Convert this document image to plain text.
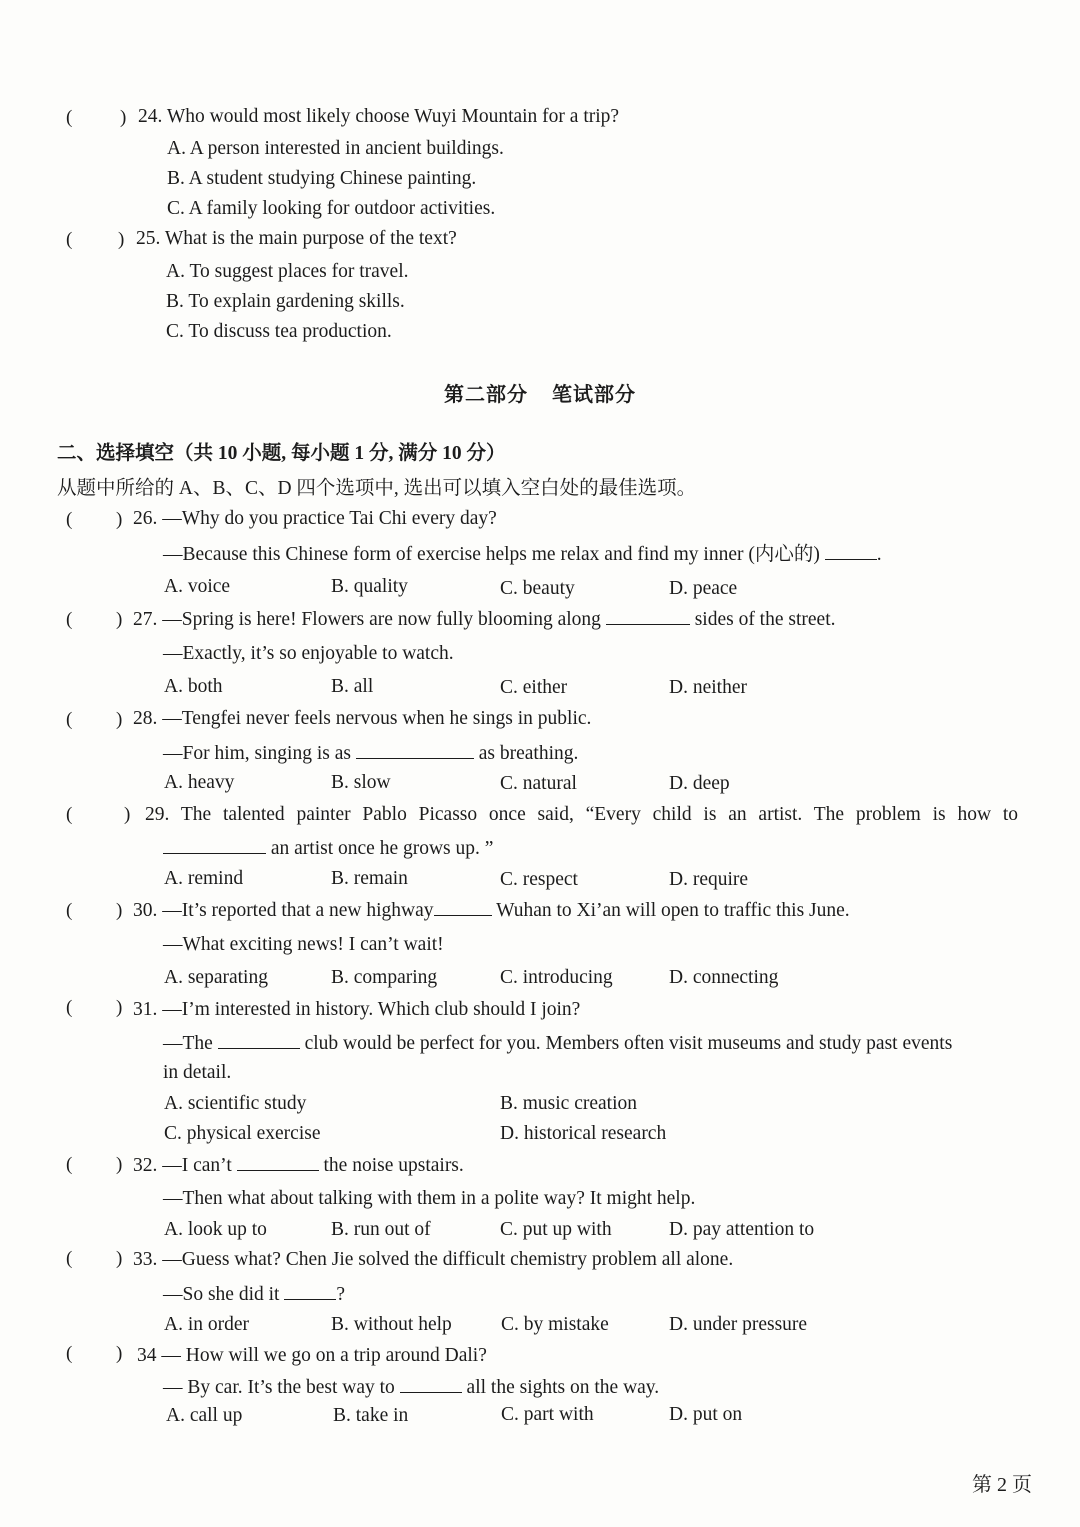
(	) 24. Who would most likely choose Wuyi Mountain for a trip?
A. A person interested in ancient buildings.
B. A student studying Chinese painting.
C. A family looking for outdoor activities.
( ) 25. What is the main purpose of the text?
A. To suggest places for travel.
B. To explain gardening skills.
C. To discuss tea production.
第二部分 笔试部分
二、选择填空（共 10 小题, 每小题 1 分, 满分 10 分）
从题中所给的 A、B、C、D 四个选项中, 选出可以填入空白处的最佳选项。
( ) 26. —Why do you practice Tai Chi every day?
—Because this Chinese form of exercise helps me relax and find my inner (内心的)	.
A. voice	B. quality	C. beauty	D. peace
( ) 27. —Spring is here! Flowers are now fully blooming along	sides of the street.
—Exactly, it’s so enjoyable to watch.
A. both	B. all	C. either	D. neither
( ) 28. —Tengfei never feels nervous when he sings in public.
—For him, singing is as	as breathing.
A. heavy	B. slow	C. natural	D. deep
(	) 29. The talented painter Pablo Picasso once said, “Every child is an artist. The problem is how to
an artist once he grows up. ”
A. remind	B. remain	C. respect	D. require
( ) 30. —It’s reported that a new highway	Wuhan to Xi’an will open to traffic this June.
—What exciting news! I can’t wait!
A. separating	B. comparing	C. introducing	D. connecting
( ) 31. —I’m interested in history. Which club should I join?
—The	club would be perfect for you. Members often visit museums and study past events
in detail.
A. scientific study	B. music creation
C. physical exercise	D. historical research
( ) 32. —I can’t	the noise upstairs.
—Then what about talking with them in a polite way? It might help.
A. look up to	B. run out of	C. put up with	D. pay attention to
( ) 33. —Guess what? Chen Jie solved the difficult chemistry problem all alone.
—So she did it	?
A. in order	B. without help	C. by mistake	D. under pressure
( ) 34 — How will we go on a trip around Dali?
— By car. It’s the best way to	all the sights on the way.
A. call up	B. take in	C. part with	D. put on
第 2 页
